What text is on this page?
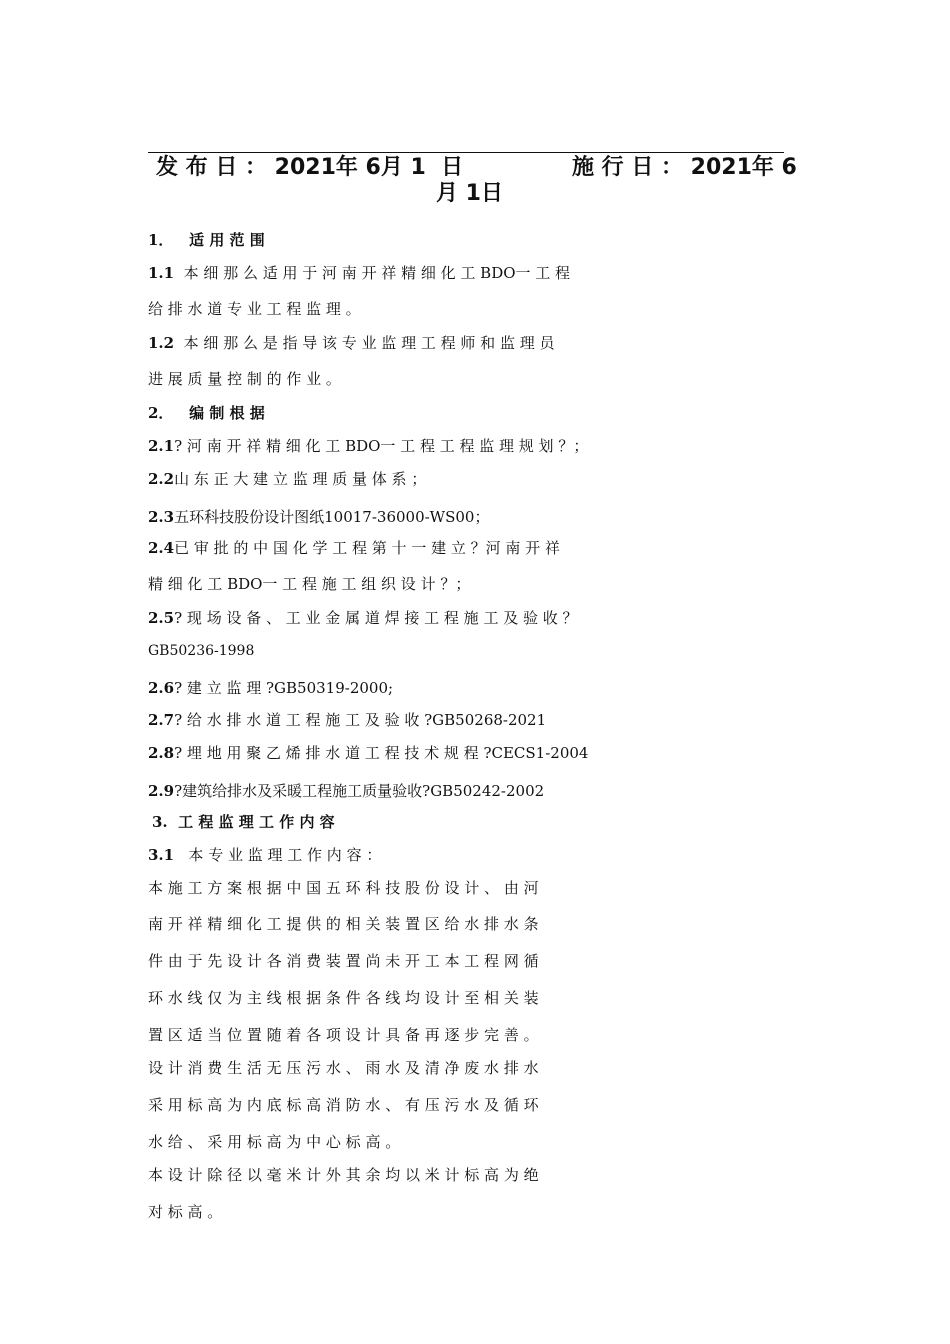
发 布 日 ： 2021年 6月 1  日	施 行 日 ： 2021年 6
月 1日
1． 适 用 范 围
1.1 本 细 那 么 适 用 于 河 南 开 祥 精 细 化 工 BDO一 工 程
给 排 水 道 专 业 工 程 监 理 。
1.2 本 细 那 么 是 指 导 该 专 业 监 理 工 程 师 和 监 理 员
进 展 质 量 控 制 的 作 业 。
2． 编 制 根 据
2.1? 河 南 开 祥 精 细 化 工 BDO一 工 程 工 程 监 理 规 划 ？；
2.2山 东 正 大 建 立 监 理 质 量 体 系 ；
2.3五环科技股份设计图纸10017-36000-WS00；
2.4已 审 批 的 中 国 化 学 工 程 第 十 一 建 立 ？河 南 开 祥
精 细 化 工 BDO一 工 程 施 工 组 织 设 计 ？；
2.5? 现 场 设 备 、 工 业 金 属 道 焊 接 工 程 施 工 及 验 收 ？
GB50236-1998
2.6? 建 立 监 理 ?GB50319-2000;
2.7? 给 水 排 水 道 工 程 施 工 及 验 收 ?GB50268-2021
2.8? 埋 地 用 聚 乙 烯 排 水 道 工 程 技 术 规 程 ?CECS1-2004
2.9?建筑给排水及采暖工程施工质量验收?GB50242-2002
3. 工 程 监 理 工 作 内 容
3.1 本 专 业 监 理 工 作 内 容 ：
本 施 工 方 案 根 据 中 国 五 环 科 技 股 份 设 计 、 由 河
南 开 祥 精 细 化 工 提 供 的 相 关 装 置 区 给 水 排 水 条
件 由 于 先 设 计 各 消 费 装 置 尚 未 开 工 本 工 程 网 循
环 水 线 仅 为 主 线 根 据 条 件 各 线 均 设 计 至 相 关 装
置 区 适 当 位 置 随 着 各 项 设 计 具 备 再 逐 步 完 善 。
设 计 消 费 生 活 无 压 污 水 、 雨 水 及 清 净 废 水 排 水
采 用 标 高 为 内 底 标 高 消 防 水 、 有 压 污 水 及 循 环
水 给 、 采 用 标 高 为 中 心 标 高 。
本 设 计 除 径 以 毫 米 计 外 其 余 均 以 米 计 标 高 为 绝
对 标 高 。
